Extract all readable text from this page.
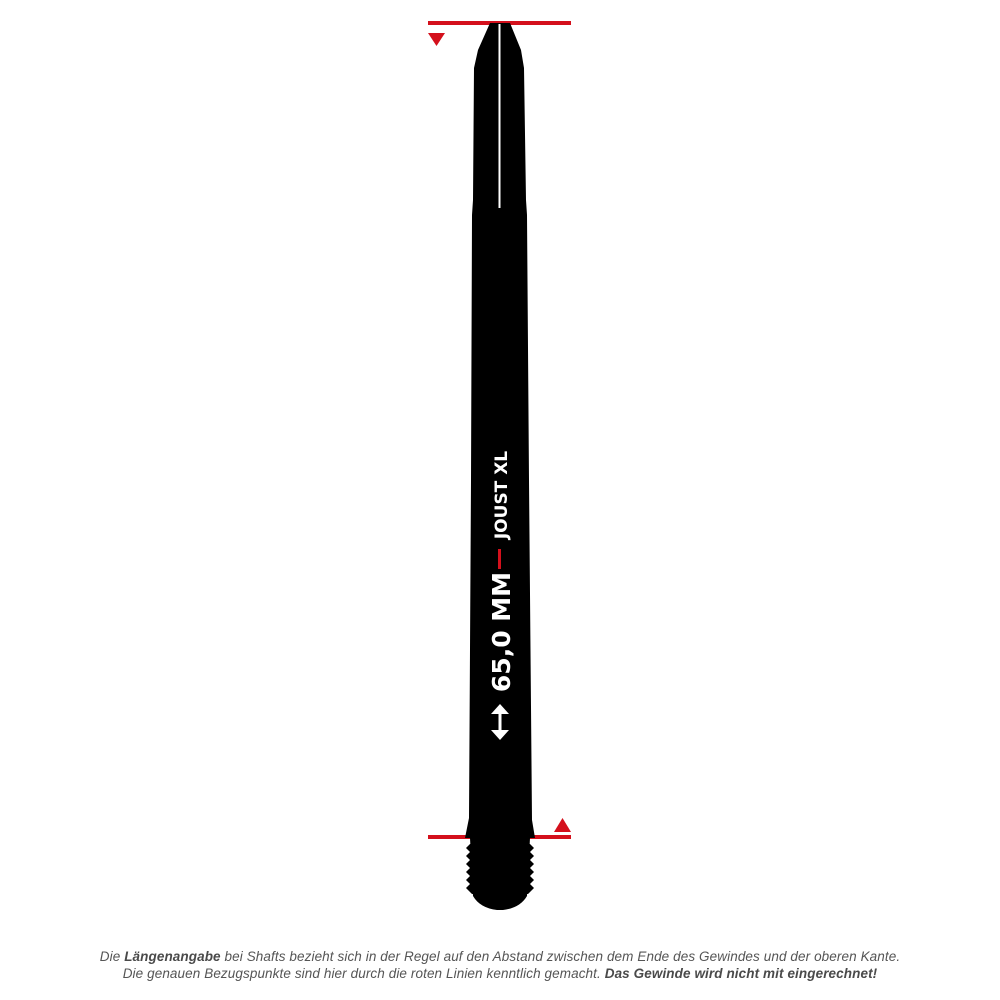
JOUST XL
65,0 MM
Die Längenangabe bei Shafts bezieht sich in der Regel auf den Abstand zwischen dem Ende des Gewindes und der oberen Kante.
Die genauen Bezugspunkte sind hier durch die roten Linien kenntlich gemacht. Das Gewinde wird nicht mit eingerechnet!
